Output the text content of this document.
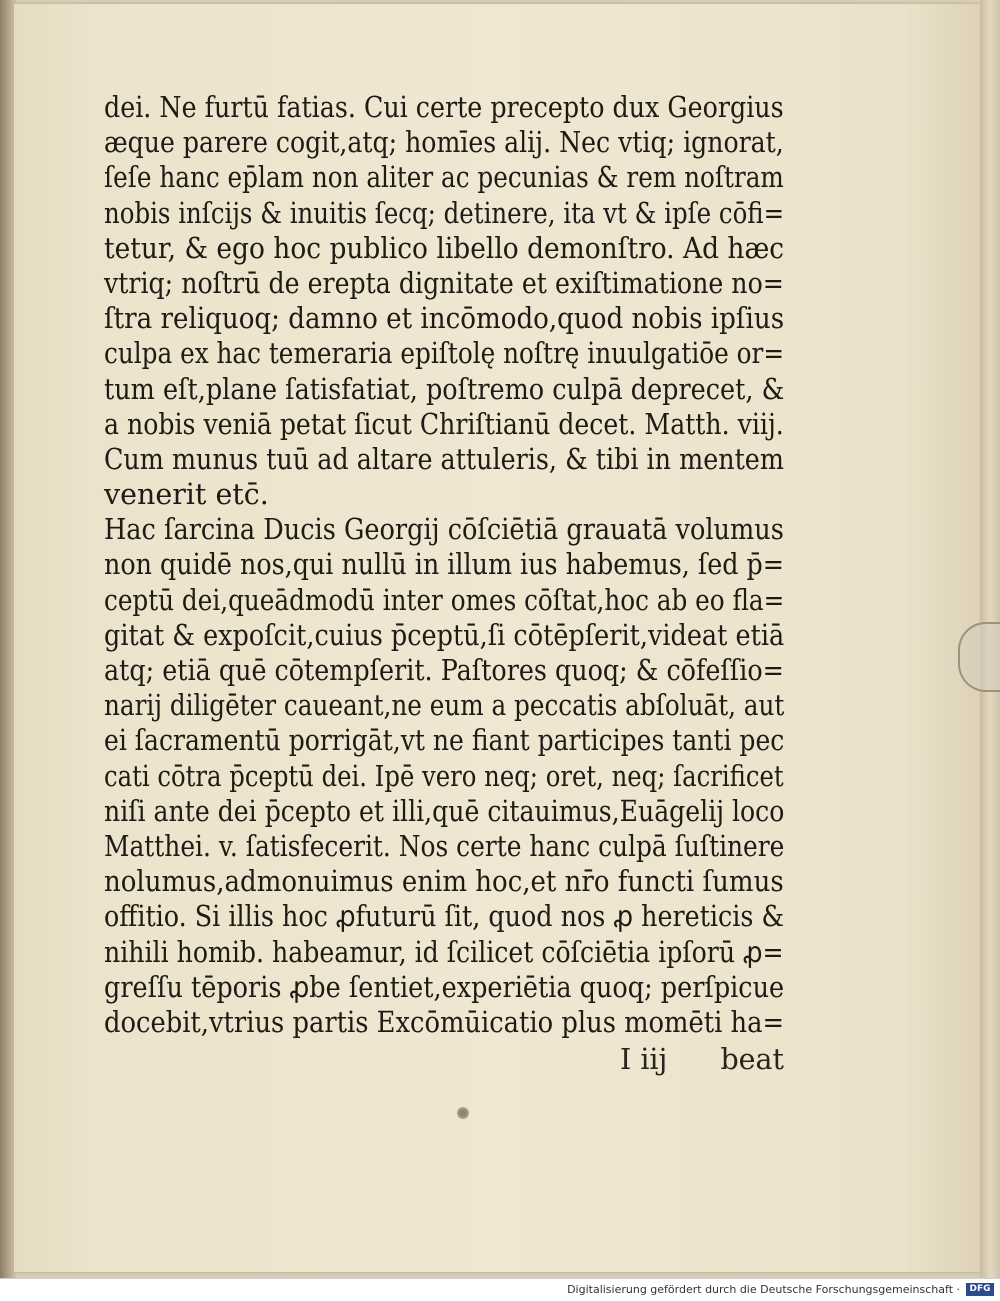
dei. Ne furtū fatias. Cui certe precepto dux Georgius
æque parere cogit,atq; homīes alij. Nec vtiq; ignorat,
ſeſe hanc ep̄lam non aliter ac pecunias & rem noſtram
nobis inſcijs & inuitis ſecq; detinere, ita vt & ipſe cōfi=
tetur, & ego hoc publico libello demonſtro. Ad hæc
vtriq; noſtrū de erepta dignitate et exiſtimatione no=
ſtra reliquoq; damno et incōmodo,quod nobis ipſius
culpa ex hac temeraria epiſtolę noſtrę inuulgatiōe or=
tum eſt,plane ſatisfatiat, poſtremo culpā deprecet, &
a nobis veniā petat ſicut Chriſtianū decet. Matth. viij.
Cum munus tuū ad altare attuleris, & tibi in mentem
venerit etc̄.
Hac ſarcina Ducis Georgij cōſciētiā grauatā volumus
non quidē nos,qui nullū in illum ius habemus, ſed p̄=
ceptū dei,queādmodū inter omes cōſtat,hoc ab eo fla=
gitat & expoſcit,cuius p̄ceptū,ſi cōtēpſerit,videat etiā
atq; etiā quē cōtempſerit. Paſtores quoq; & cōfeſſio=
narij diligēter caueant,ne eum a peccatis abſoluāt, aut
ei ſacramentū porrigāt,vt ne fiant participes tanti pec
cati cōtra p̄ceptū dei. Ipē vero neq; oret, neq; ſacrificet
niſi ante dei p̄cepto et illi,quē citauimus,Euāgelij loco
Matthei. v. ſatisfecerit. Nos certe hanc culpā ſuſtinere
nolumus,admonuimus enim hoc,et nr̄o functi ſumus
offitio. Si illis hoc ꝓfuturū ſit, quod nos ꝓ hereticis &
nihili homib. habeamur, id ſcilicet cōſciētia ipſorū ꝓ=
greſſu tēporis ꝓbe ſentiet,experiētia quoq; perſpicue
docebit,vtrius partis Excōmūicatio plus momēti ha=
I iij beat
Digitalisierung gefördert durch die Deutsche Forschungsgemeinschaft ·	DFG
